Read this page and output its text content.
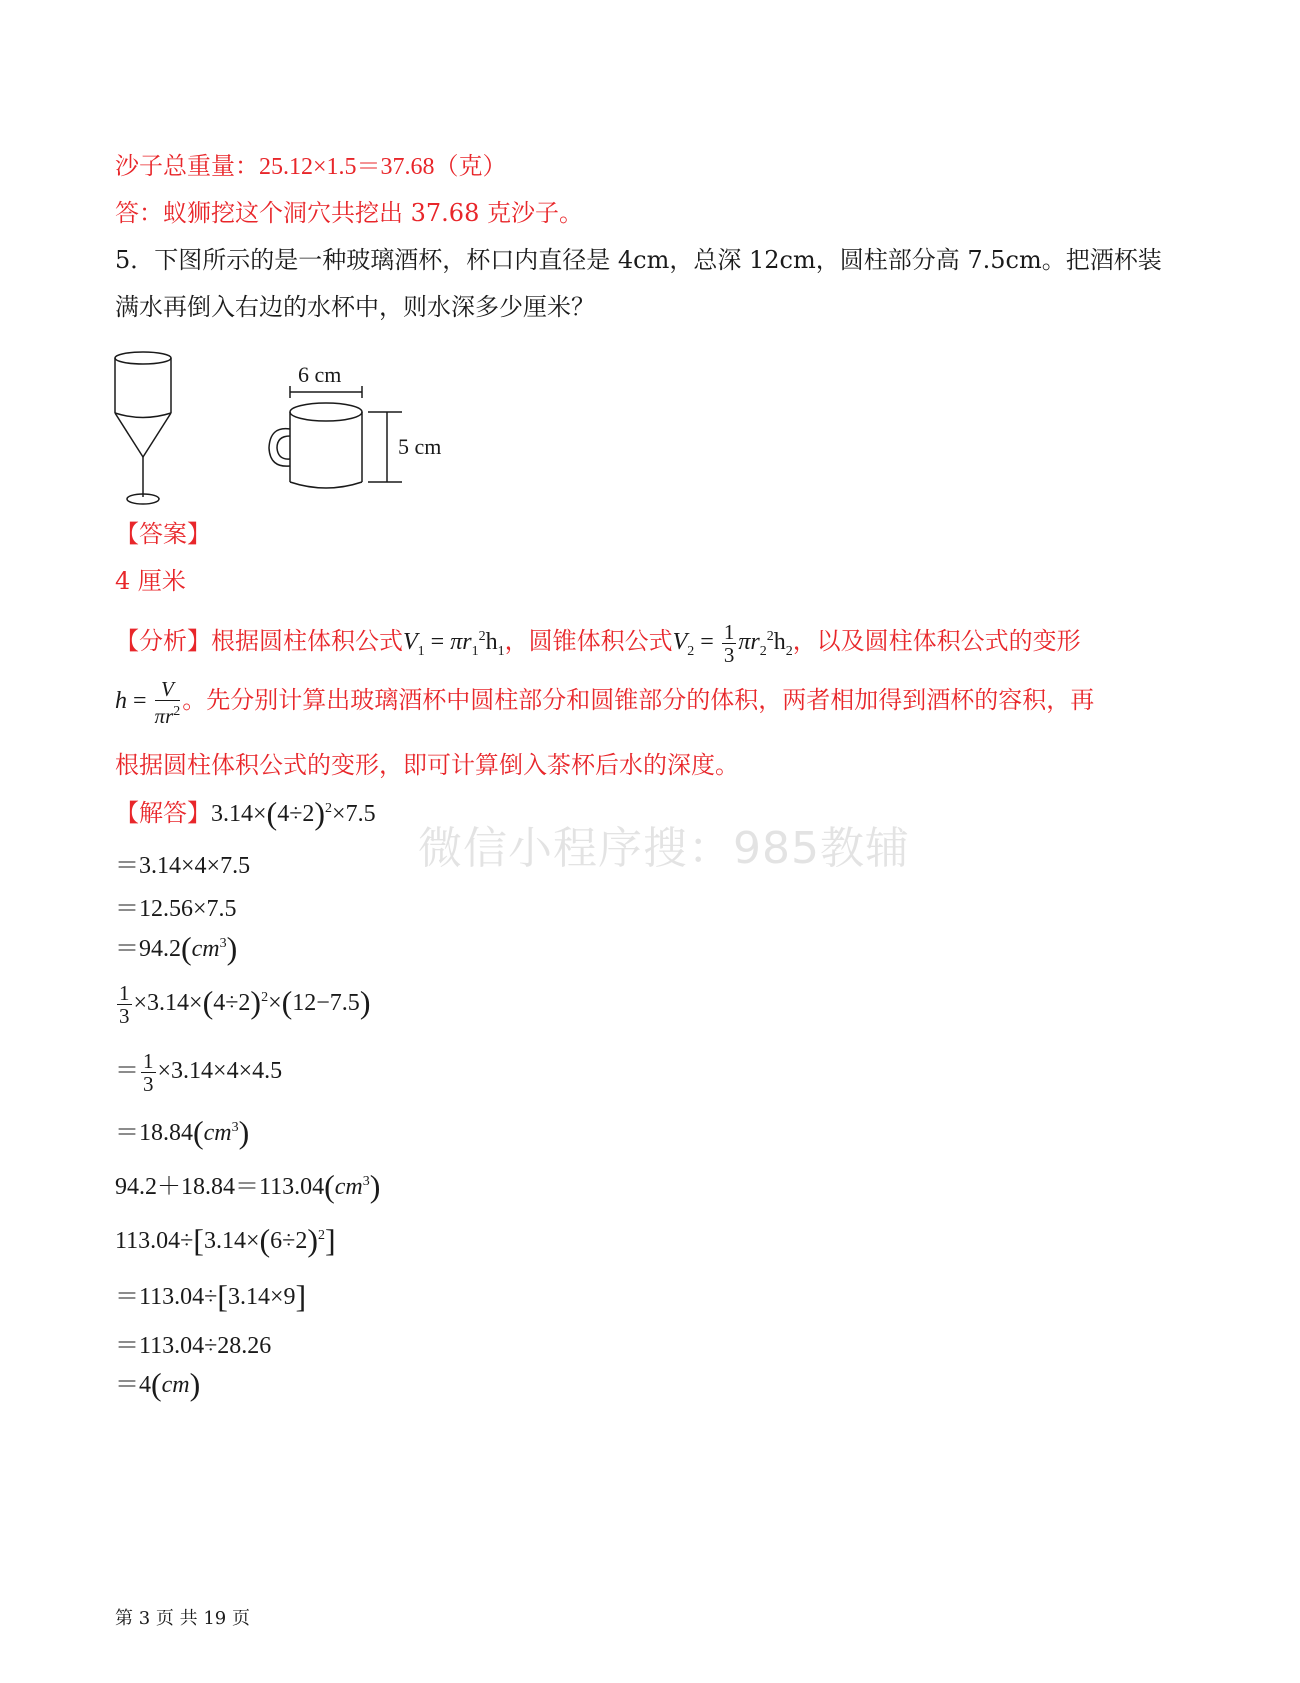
沙子总重量：25.12×1.5＝37.68（克）
答：蚁狮挖这个洞穴共挖出 37.68 克沙子。
5．下图所示的是一种玻璃酒杯，杯口内直径是 4cm，总深 12cm，圆柱部分高 7.5cm。把酒杯装
满水再倒入右边的水杯中，则水深多少厘米？
6 cm
5 cm
【答案】
4 厘米
【分析】根据圆柱体积公式$V_1 = \pi r_1^2h_1$，圆锥体积公式$V_2 = \frac{1}{3} \pi r_2^2h_2$，以及圆柱体积公式的变形
$h = \frac{V}{\pi r^2}$ 。先分别计算出玻璃酒杯中圆柱部分和圆锥部分的体积，两者相加得到酒杯的容积，再
根据圆柱体积公式的变形，即可计算倒入茶杯后水的深度。
微信小程序搜：985教辅
【解答】$3.14\times(4\div 2)^2\times 7.5$
＝3.14×4×7.5
＝12.56×7.5
$=94.2(cm^3)$
$\frac{1}{3} \times 3.14\times(4\div 2)^2\times(12-7.5)$
＝ $\frac{1}{3} \times 3.14\times 4\times 4.5$
$=18.84(cm^3)$
$94.2+18.84=113.04(cm^3)$
$113.04\div[3.14\times(6\div 2)^2]$
＝113.04÷[3.14×9]
＝113.04÷28.26
＝4(cm)
第 3 页 共 19 页
